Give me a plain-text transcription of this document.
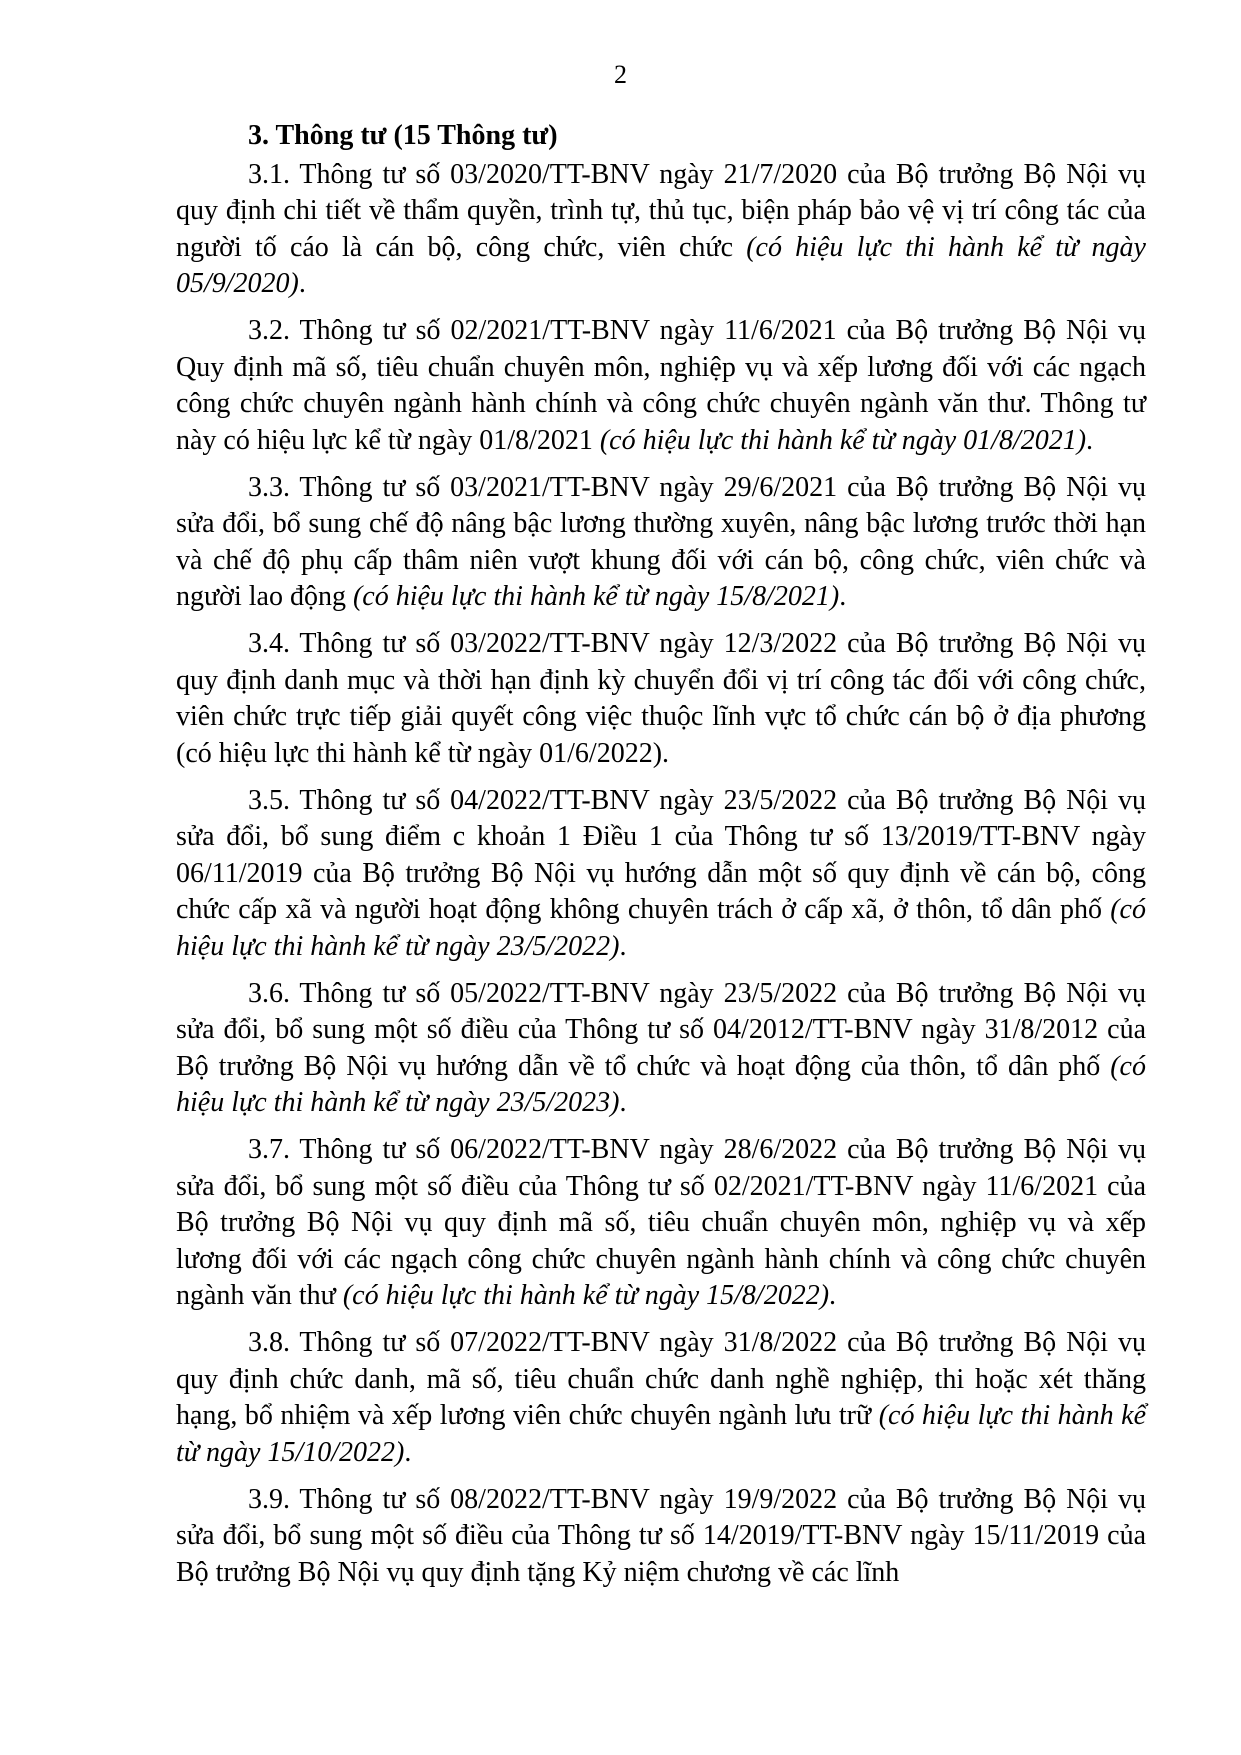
2

3. Thông tư (15 Thông tư)

3.1. Thông tư số 03/2020/TT-BNV ngày 21/7/2020 của Bộ trưởng Bộ Nội vụ quy định chi tiết về thẩm quyền, trình tự, thủ tục, biện pháp bảo vệ vị trí công tác của người tố cáo là cán bộ, công chức, viên chức (có hiệu lực thi hành kể từ ngày 05/9/2020).

3.2. Thông tư số 02/2021/TT-BNV ngày 11/6/2021 của Bộ trưởng Bộ Nội vụ Quy định mã số, tiêu chuẩn chuyên môn, nghiệp vụ và xếp lương đối với các ngạch công chức chuyên ngành hành chính và công chức chuyên ngành văn thư. Thông tư này có hiệu lực kể từ ngày 01/8/2021 (có hiệu lực thi hành kể từ ngày 01/8/2021).

3.3. Thông tư số 03/2021/TT-BNV ngày 29/6/2021 của Bộ trưởng Bộ Nội vụ sửa đổi, bổ sung chế độ nâng bậc lương thường xuyên, nâng bậc lương trước thời hạn và chế độ phụ cấp thâm niên vượt khung đối với cán bộ, công chức, viên chức và người lao động (có hiệu lực thi hành kể từ ngày 15/8/2021).

3.4. Thông tư số 03/2022/TT-BNV ngày 12/3/2022 của Bộ trưởng Bộ Nội vụ quy định danh mục và thời hạn định kỳ chuyển đổi vị trí công tác đối với công chức, viên chức trực tiếp giải quyết công việc thuộc lĩnh vực tổ chức cán bộ ở địa phương (có hiệu lực thi hành kể từ ngày 01/6/2022).

3.5. Thông tư số 04/2022/TT-BNV ngày 23/5/2022 của Bộ trưởng Bộ Nội vụ sửa đổi, bổ sung điểm c khoản 1 Điều 1 của Thông tư số 13/2019/TT-BNV ngày 06/11/2019 của Bộ trưởng Bộ Nội vụ hướng dẫn một số quy định về cán bộ, công chức cấp xã và người hoạt động không chuyên trách ở cấp xã, ở thôn, tổ dân phố (có hiệu lực thi hành kể từ ngày 23/5/2022).

3.6. Thông tư số 05/2022/TT-BNV ngày 23/5/2022 của Bộ trưởng Bộ Nội vụ sửa đổi, bổ sung một số điều của Thông tư số 04/2012/TT-BNV ngày 31/8/2012 của Bộ trưởng Bộ Nội vụ hướng dẫn về tổ chức và hoạt động của thôn, tổ dân phố (có hiệu lực thi hành kể từ ngày 23/5/2023).

3.7. Thông tư số 06/2022/TT-BNV ngày 28/6/2022 của Bộ trưởng Bộ Nội vụ sửa đổi, bổ sung một số điều của Thông tư số 02/2021/TT-BNV ngày 11/6/2021 của Bộ trưởng Bộ Nội vụ quy định mã số, tiêu chuẩn chuyên môn, nghiệp vụ và xếp lương đối với các ngạch công chức chuyên ngành hành chính và công chức chuyên ngành văn thư (có hiệu lực thi hành kể từ ngày 15/8/2022).

3.8. Thông tư số 07/2022/TT-BNV ngày 31/8/2022 của Bộ trưởng Bộ Nội vụ quy định chức danh, mã số, tiêu chuẩn chức danh nghề nghiệp, thi hoặc xét thăng hạng, bổ nhiệm và xếp lương viên chức chuyên ngành lưu trữ (có hiệu lực thi hành kể từ ngày 15/10/2022).

3.9. Thông tư số 08/2022/TT-BNV ngày 19/9/2022 của Bộ trưởng Bộ Nội vụ sửa đổi, bổ sung một số điều của Thông tư số 14/2019/TT-BNV ngày 15/11/2019 của Bộ trưởng Bộ Nội vụ quy định tặng Kỷ niệm chương về các lĩnh
